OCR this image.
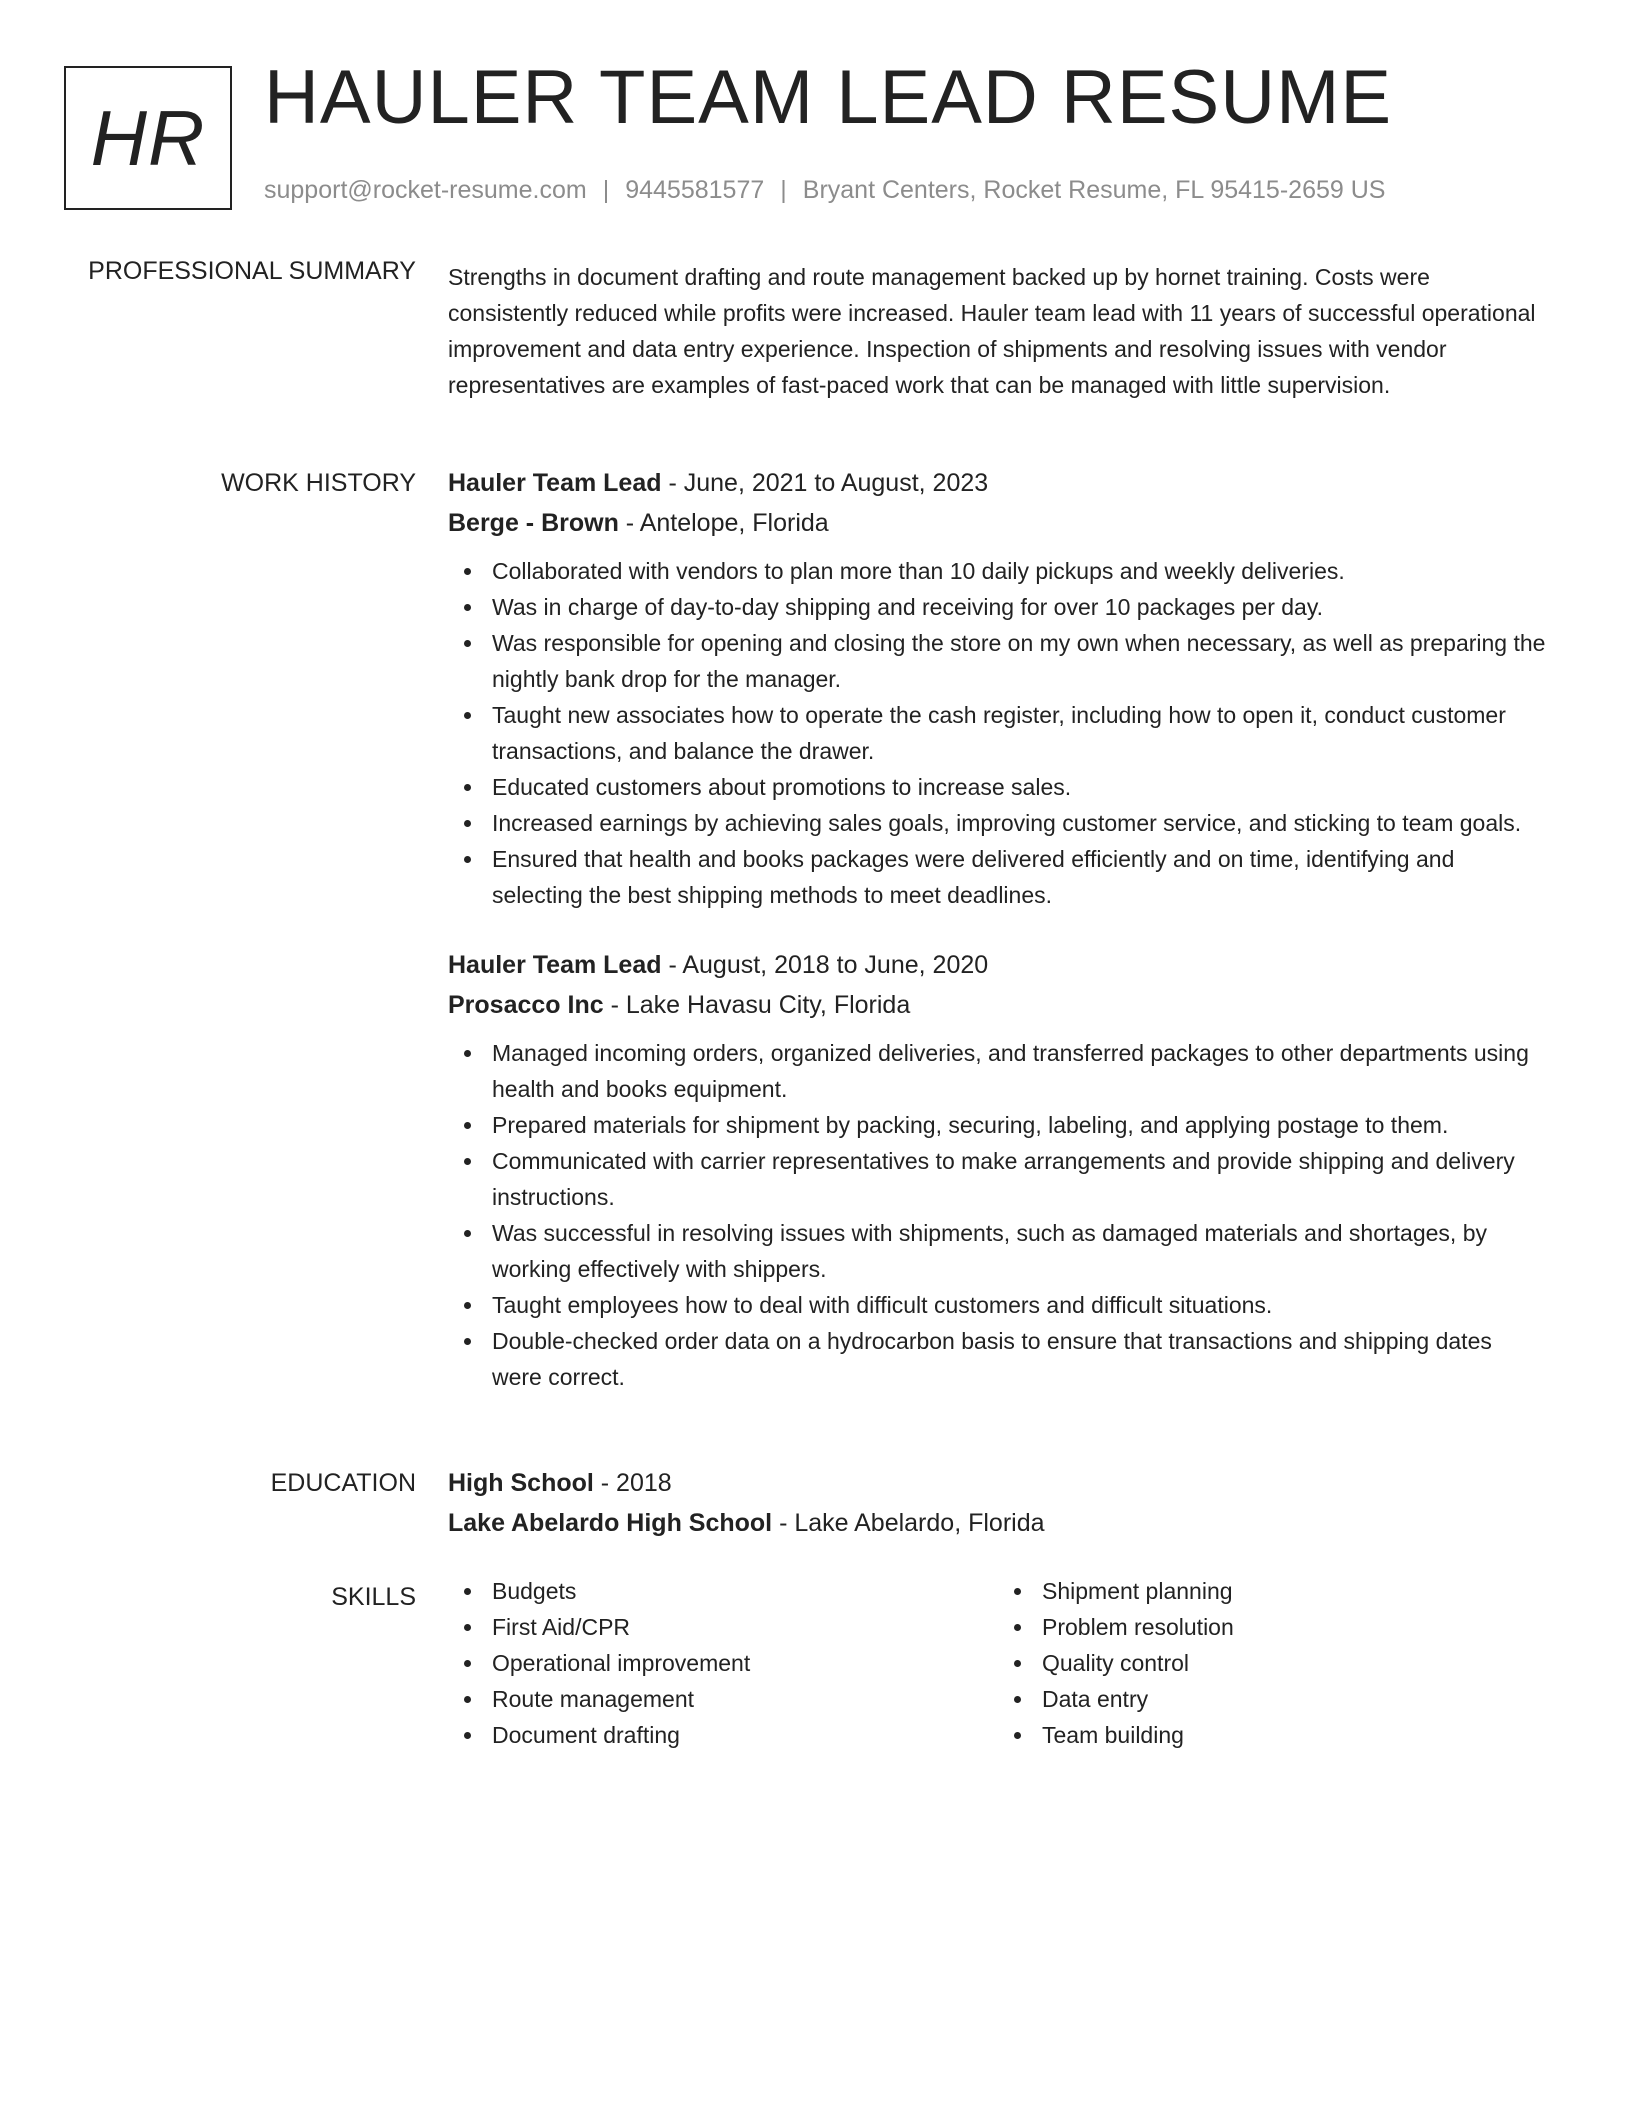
HR HAULER TEAM LEAD RESUME
support@rocket-resume.com | 9445581577 | Bryant Centers, Rocket Resume, FL 95415-2659 US
PROFESSIONAL SUMMARY Strengths in document drafting and route management backed up by hornet training. Costs were consistently reduced while profits were increased. Hauler team lead with 11 years of successful operational improvement and data entry experience. Inspection of shipments and resolving issues with vendor representatives are examples of fast-paced work that can be managed with little supervision.

WORK HISTORY Hauler Team Lead - June, 2021 to August, 2023
Berge - Brown - Antelope, Florida
Collaborated with vendors to plan more than 10 daily pickups and weekly deliveries.
Was in charge of day-to-day shipping and receiving for over 10 packages per day.
Was responsible for opening and closing the store on my own when necessary, as well as preparing the nightly bank drop for the manager.
Taught new associates how to operate the cash register, including how to open it, conduct customer transactions, and balance the drawer.
Educated customers about promotions to increase sales.
Increased earnings by achieving sales goals, improving customer service, and sticking to team goals.
Ensured that health and books packages were delivered efficiently and on time, identifying and selecting the best shipping methods to meet deadlines.
Hauler Team Lead - August, 2018 to June, 2020
Prosacco Inc - Lake Havasu City, Florida
Managed incoming orders, organized deliveries, and transferred packages to other departments using health and books equipment.
Prepared materials for shipment by packing, securing, labeling, and applying postage to them.
Communicated with carrier representatives to make arrangements and provide shipping and delivery instructions.
Was successful in resolving issues with shipments, such as damaged materials and shortages, by working effectively with shippers.
Taught employees how to deal with difficult customers and difficult situations.
Double-checked order data on a hydrocarbon basis to ensure that transactions and shipping dates were correct.
EDUCATION High School - 2018
Lake Abelardo High School - Lake Abelardo, Florida
SKILLS	Budgets
First Aid/CPR
Operational improvement
Route management
Document drafting
Shipment planning
Problem resolution
Quality control
Data entry
Team building
